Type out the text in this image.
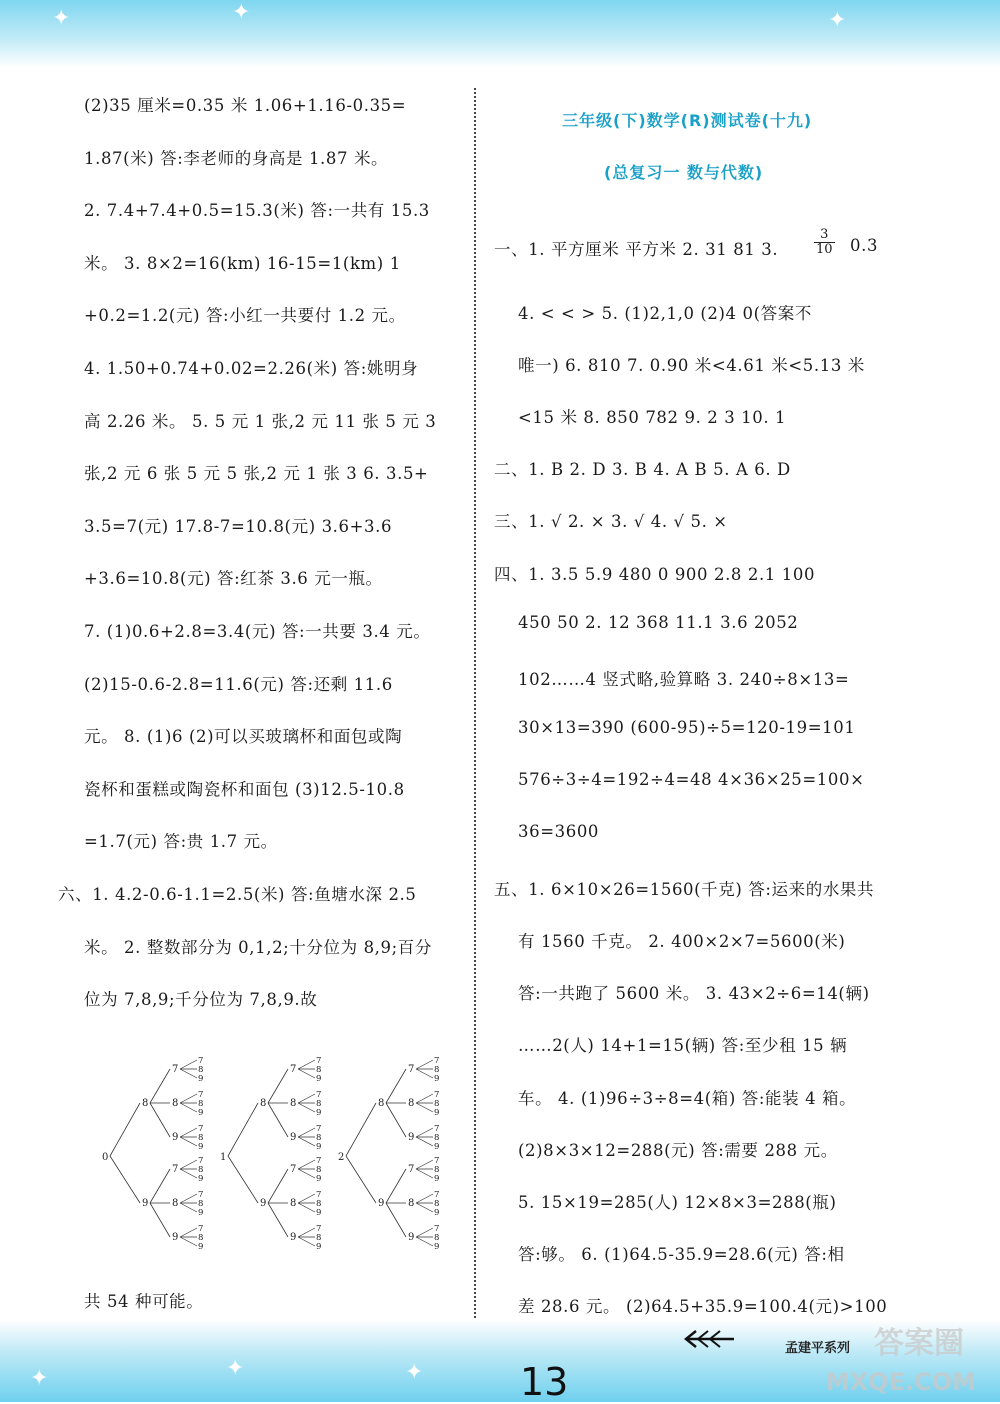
✦	✦	✦
✦	✦	✦
(2)35 厘米=0.35 米 1.06+1.16-0.35=
1.87(米) 答:李老师的身高是 1.87 米。
2. 7.4+7.4+0.5=15.3(米) 答:一共有 15.3
米。 3. 8×2=16(km) 16-15=1(km) 1
+0.2=1.2(元) 答:小红一共要付 1.2 元。
4. 1.50+0.74+0.02=2.26(米) 答:姚明身
高 2.26 米。 5. 5 元 1 张,2 元 11 张 5 元 3
张,2 元 6 张 5 元 5 张,2 元 1 张 3 6. 3.5+
3.5=7(元) 17.8-7=10.8(元) 3.6+3.6
+3.6=10.8(元) 答:红茶 3.6 元一瓶。
7. (1)0.6+2.8=3.4(元) 答:一共要 3.4 元。
(2)15-0.6-2.8=11.6(元) 答:还剩 11.6
元。 8. (1)6 (2)可以买玻璃杯和面包或陶
瓷杯和蛋糕或陶瓷杯和面包 (3)12.5-10.8
=1.7(元) 答:贵 1.7 元。
六、1. 4.2-0.6-1.1=2.5(米) 答:鱼塘水深 2.5
米。 2. 整数部分为 0,1,2;十分位为 8,9;百分
位为 7,8,9;千分位为 7,8,9.故
0
8
7
7
8
9
8
7
8
9
9
7
8
9
9
7
7
8
9
8
7
8
9
9
7
8
9
1
8
7
7
8
9
8
7
8
9
9
7
8
9
9
7
7
8
9
8
7
8
9
9
7
8
9
2
8
7
7
8
9
8
7
8
9
9
7
8
9
9
7
7
8
9
8
7
8
9
9
7
8
9
共 54 种可能。
三年级(下)数学(R)测试卷(十九)
(总复习一 数与代数)
一、1. 平方厘米 平方米 2. 31 81 3.
4. < < > 5. (1)2,1,0 (2)4 0(答案不
唯一) 6. 810 7. 0.90 米<4.61 米<5.13 米
<15 米 8. 850 782 9. 2 3 10. 1
二、1. B 2. D 3. B 4. A B 5. A 6. D
三、1. √ 2. × 3. √ 4. √ 5. ×
四、1. 3.5 5.9 480 0 900 2.8 2.1 100
450 50 2. 12 368 11.1 3.6 2052
102……4 竖式略,验算略 3. 240÷8×13=
30×13=390 (600-95)÷5=120-19=101
576÷3÷4=192÷4=48 4×36×25=100×
36=3600
五、1. 6×10×26=1560(千克) 答:运来的水果共
有 1560 千克。 2. 400×2×7=5600(米)
答:一共跑了 5600 米。 3. 43×2÷6=14(辆)
……2(人) 14+1=15(辆) 答:至少租 15 辆
车。 4. (1)96÷3÷8=4(箱) 答:能装 4 箱。
(2)8×3×12=288(元) 答:需要 288 元。
5. 15×19=285(人) 12×8×3=288(瓶)
答:够。 6. (1)64.5-35.9=28.6(元) 答:相
差 28.6 元。 (2)64.5+35.9=100.4(元)>100
$\frac{3}{10} 0.3$
孟建平系列 答案圈
MXQE.COM
13
